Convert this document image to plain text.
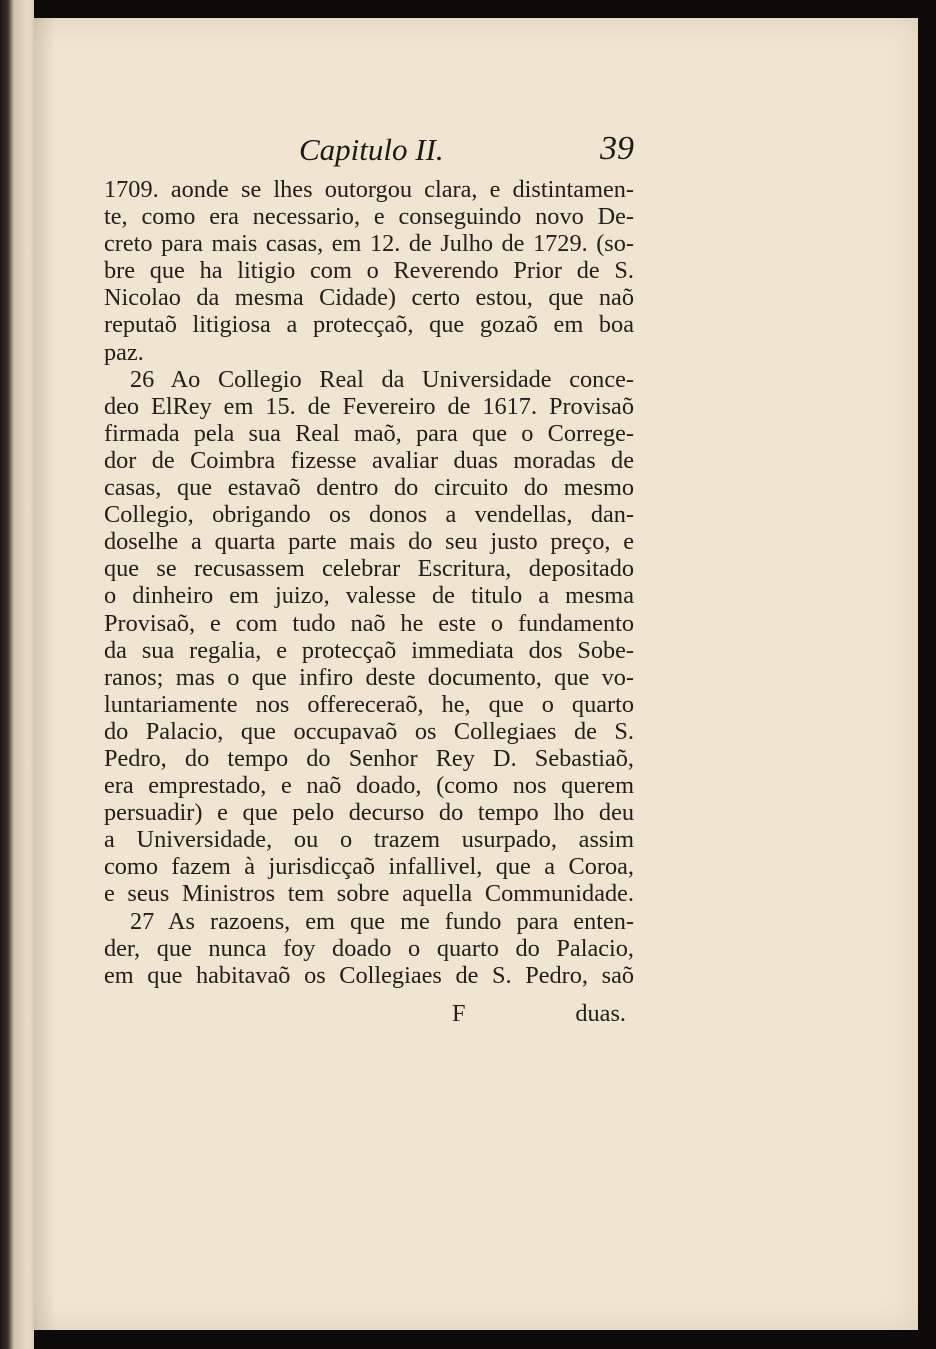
Capitulo II.	39
1709. aonde se lhes outorgou clara, e distintamen-
te, como era necessario, e conseguindo novo De-
creto para mais casas, em 12. de Julho de 1729. (so-
bre que ha litigio com o Reverendo Prior de S.
Nicolao da mesma Cidade) certo estou, que naõ
reputaõ litigiosa a protecçaõ, que gozaõ em boa
paz.
26 Ao Collegio Real da Universidade conce-
deo ElRey em 15. de Fevereiro de 1617. Provisaõ
firmada pela sua Real maõ, para que o Correge-
dor de Coimbra fizesse avaliar duas moradas de
casas, que estavaõ dentro do circuito do mesmo
Collegio, obrigando os donos a vendellas, dan-
doselhe a quarta parte mais do seu justo preço, e
que se recusassem celebrar Escritura, depositado
o dinheiro em juizo, valesse de titulo a mesma
Provisaõ, e com tudo naõ he este o fundamento
da sua regalia, e protecçaõ immediata dos Sobe-
ranos; mas o que infiro deste documento, que vo-
luntariamente nos offereceraõ, he, que o quarto
do Palacio, que occupavaõ os Collegiaes de S.
Pedro, do tempo do Senhor Rey D. Sebastiaõ,
era emprestado, e naõ doado, (como nos querem
persuadir) e que pelo decurso do tempo lho deu
a Universidade, ou o trazem usurpado, assim
como fazem à jurisdicçaõ infallivel, que a Coroa,
e seus Ministros tem sobre aquella Communidade.
27 As razoens, em que me fundo para enten-
der, que nunca foy doado o quarto do Palacio,
em que habitavaõ os Collegiaes de S. Pedro, saõ
F	duas.
